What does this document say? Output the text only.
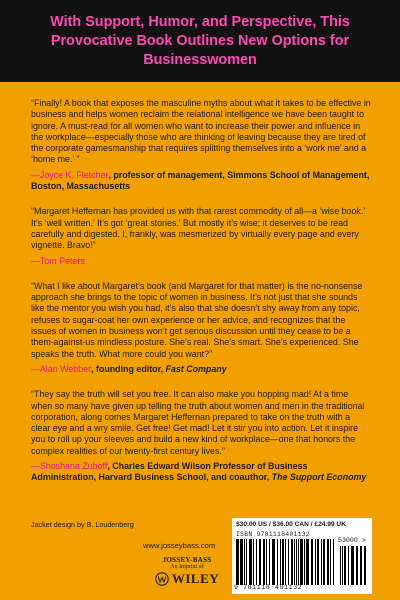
With Support, Humor, and Perspective, This Provocative Book Outlines New Options for Businesswomen

“Finally! A book that exposes the masculine myths about what it takes to be effective in business and helps women reclaim the relational intelligence we have been taught to ignore. A must-read for all women who want to increase their power and influence in the workplace—especially those who are thinking of leaving because they are tired of the corporate gamesmanship that requires splitting themselves into a ‘work me’ and a ‘home me.’ ”

—Joyce K. Fletcher, professor of management, Simmons School of Management, Boston, Massachusetts

“Margaret Heffernan has provided us with that rarest commodity of all—a ‘wise book.’ It’s ‘well written.’ It’s got ‘great stories.’ But mostly it’s wise; it deserves to be read carefully and digested. I, frankly, was mesmerized by virtually every page and every vignette. Bravo!”

—Tom Peters

“What I like about Margaret’s book (and Margaret for that matter) is the no-nonsense approach she brings to the topic of women in business. It’s not just that she sounds like the mentor you wish you had, it’s also that she doesn’t shy away from any topic, refuses to sugar-coat her own experience or her advice, and recognizes that the issues of women in business won’t get serious discussion until they cease to be a them-against-us mindless posture. She’s real. She’s smart. She’s experienced. She speaks the truth. What more could you want?”

—Alan Webber, founding editor, Fast Company

“They say the truth will set you free. It can also make you hopping mad! At a time when so many have given up telling the truth about women and men in the traditional corporation, along comes Margaret Heffernan prepared to take on the truth with a clear eye and a wry smile. Get free! Get mad! Let it stir you into action. Let it inspire you to roll up your sleeves and build a new kind of workplace—one that honors the complex realities of our twenty-first century lives.”

—Shoshana Zuboff, Charles Edward Wilson Professor of Business Administration, Harvard Business School, and coauthor, The Support Economy

Jacket design by B. Loudenberg
www.josseybass.com
JOSSEY-BASS
An Imprint of
WILEY
$30.00 US / $36.00 CAN / £24.99 UK
ISBN 9781118401132
53000 >
9 781118 401132
